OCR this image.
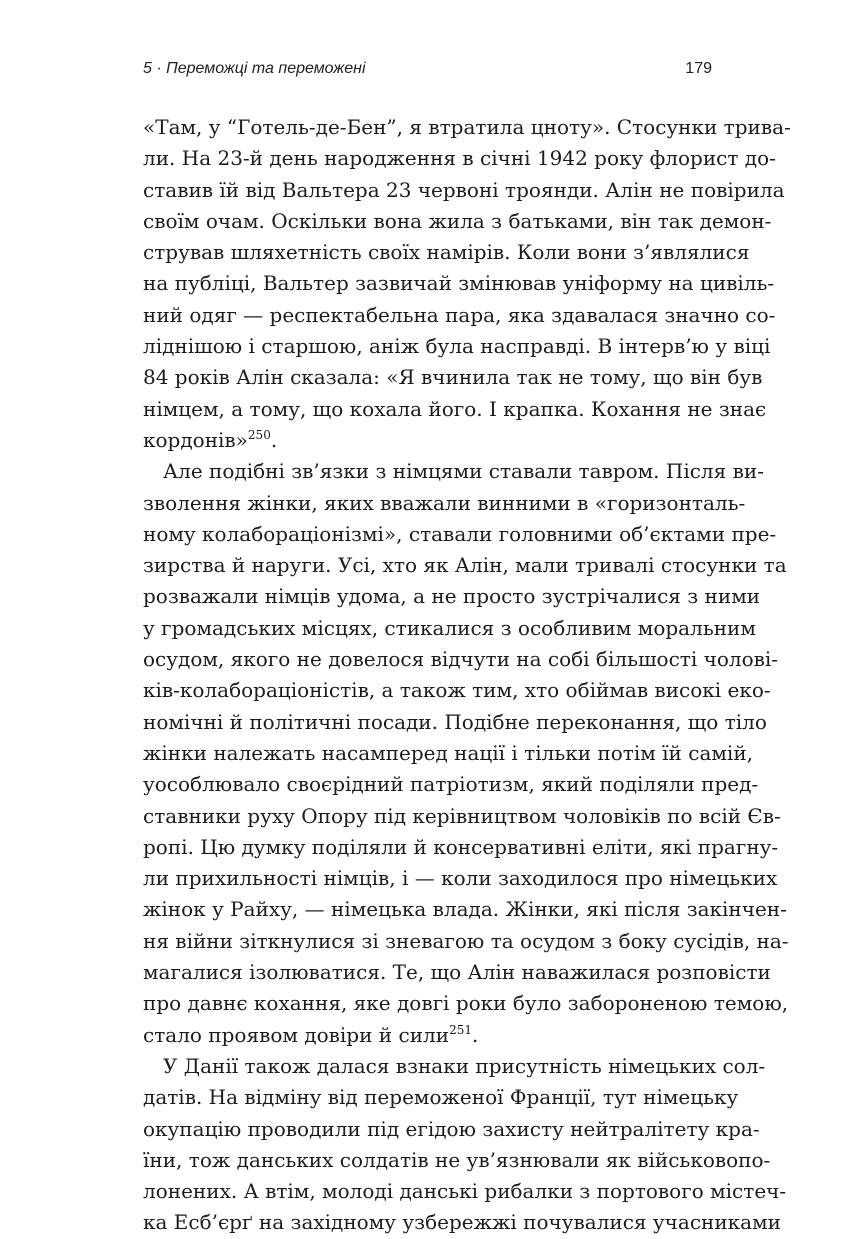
5 · Переможці та переможені	179
«Там, у “Готель-де-Бен”, я втратила цноту». Стосунки трива-
ли. На 23-й день народження в січні 1942 року флорист до-
ставив їй від Вальтера 23 червоні троянди. Алін не повірила
своїм очам. Оскільки вона жила з батьками, він так демон-
стрував шляхетність своїх намірів. Коли вони з’являлися
на публіці, Вальтер зазвичай змінював уніформу на цивіль-
ний одяг — респектабельна пара, яка здавалася значно со-
ліднішою і старшою, аніж була насправді. В інтерв’ю у віці
84 років Алін сказала: «Я вчинила так не тому, що він був
німцем, а тому, що кохала його. І крапка. Кохання не знає
кордонів»$^{250}$.
Але подібні зв’язки з німцями ставали тавром. Після ви-
зволення жінки, яких вважали винними в «горизонталь-
ному колабораціонізмі», ставали головними об’єктами пре-
зирства й наруги. Усі, хто як Алін, мали тривалі стосунки та
розважали німців удома, а не просто зустрічалися з ними
у громадських місцях, стикалися з особливим моральним
осудом, якого не довелося відчути на собі більшості чолові-
ків-колабораціоністів, а також тим, хто обіймав високі еко-
номічні й політичні посади. Подібне переконання, що тіло
жінки належать насамперед нації і тільки потім їй самій,
уособлювало своєрідний патріотизм, який поділяли пред-
ставники руху Опору під керівництвом чоловіків по всій Єв-
ропі. Цю думку поділяли й консервативні еліти, які прагну-
ли прихильності німців, і — коли заходилося про німецьких
жінок у Райху, — німецька влада. Жінки, які після закінчен-
ня війни зіткнулися зі зневагою та осудом з боку сусідів, на-
магалися ізолюватися. Те, що Алін наважилася розповісти
про давнє кохання, яке довгі роки було забороненою темою,
стало проявом довіри й сили$^{251}$.
У Данії також далася взнаки присутність німецьких сол-
датів. На відміну від переможеної Франції, тут німецьку
окупацію проводили під егідою захисту нейтралітету кра-
їни, тож данських солдатів не ув’язнювали як військовопо-
лонених. А втім, молоді данські рибалки з портового містеч-
ка Есб’єрґ на західному узбережжі почувалися учасниками
